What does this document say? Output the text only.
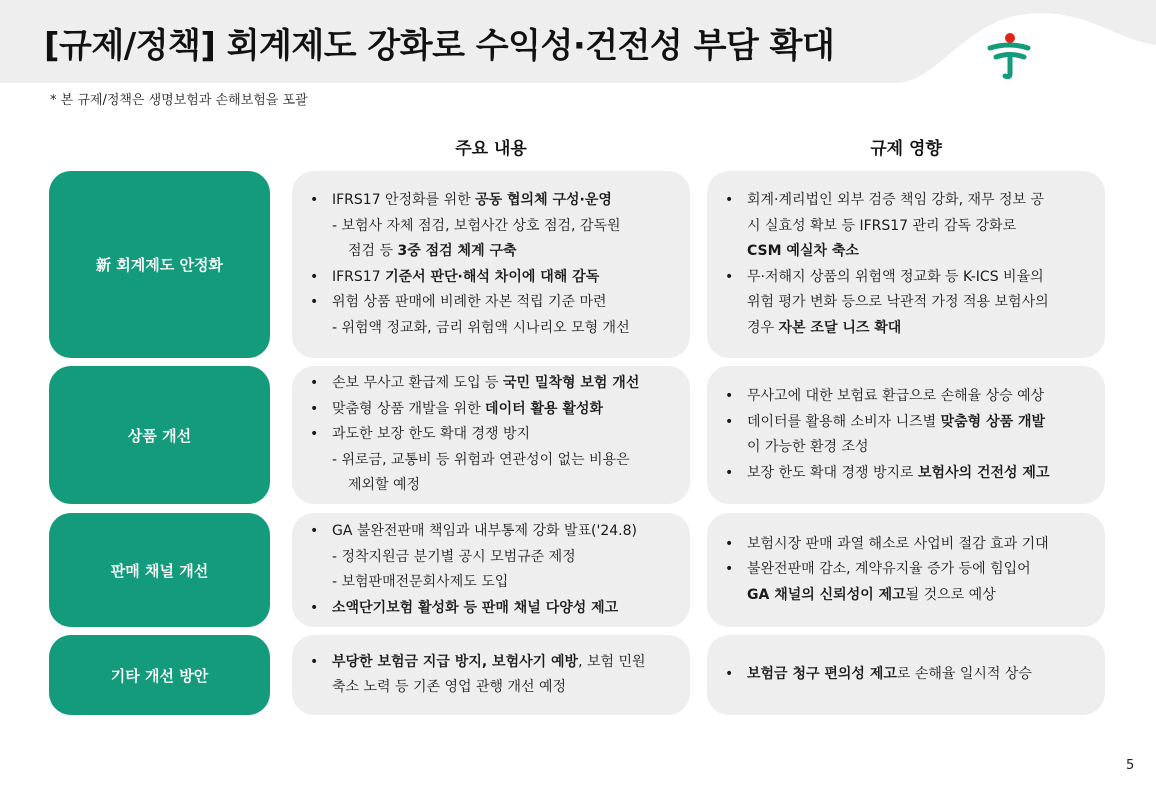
[규제/정책] 회계제도 강화로 수익성·건전성 부담 확대
* 본 규제/정책은 생명보험과 손해보험을 포괄
주요 내용	규제 영향
新 회계제도 안정화
• IFRS17 안정화를 위한 공동 협의체 구성·운영
- 보험사 자체 점검, 보험사간 상호 점검, 감독원
점검 등 3중 점검 체계 구축
• IFRS17 기준서 판단·해석 차이에 대해 감독
• 위험 상품 판매에 비례한 자본 적립 기준 마련
- 위험액 정교화, 금리 위험액 시나리오 모형 개선
• 회계·계리법인 외부 검증 책임 강화, 재무 정보 공
시 실효성 확보 등 IFRS17 관리 감독 강화로
CSM 예실차 축소
• 무·저해지 상품의 위험액 정교화 등 K-ICS 비율의
위험 평가 변화 등으로 낙관적 가정 적용 보험사의
경우 자본 조달 니즈 확대
상품 개선
• 손보 무사고 환급제 도입 등 국민 밀착형 보험 개선
• 맞춤형 상품 개발을 위한 데이터 활용 활성화
• 과도한 보장 한도 확대 경쟁 방지
- 위로금, 교통비 등 위험과 연관성이 없는 비용은
제외할 예정
• 무사고에 대한 보험료 환급으로 손해율 상승 예상
• 데이터를 활용해 소비자 니즈별 맞춤형 상품 개발
이 가능한 환경 조성
• 보장 한도 확대 경쟁 방지로 보험사의 건전성 제고
판매 채널 개선
• GA 불완전판매 책임과 내부통제 강화 발표('24.8)
- 정착지원금 분기별 공시 모범규준 제정
- 보험판매전문회사제도 도입
• 소액단기보험 활성화 등 판매 채널 다양성 제고
• 보험시장 판매 과열 해소로 사업비 절감 효과 기대
• 불완전판매 감소, 계약유지율 증가 등에 힘입어
GA 채널의 신뢰성이 제고될 것으로 예상
기타 개선 방안
• 부당한 보험금 지급 방지, 보험사기 예방, 보험 민원
축소 노력 등 기존 영업 관행 개선 예정
• 보험금 청구 편의성 제고로 손해율 일시적 상승
5
